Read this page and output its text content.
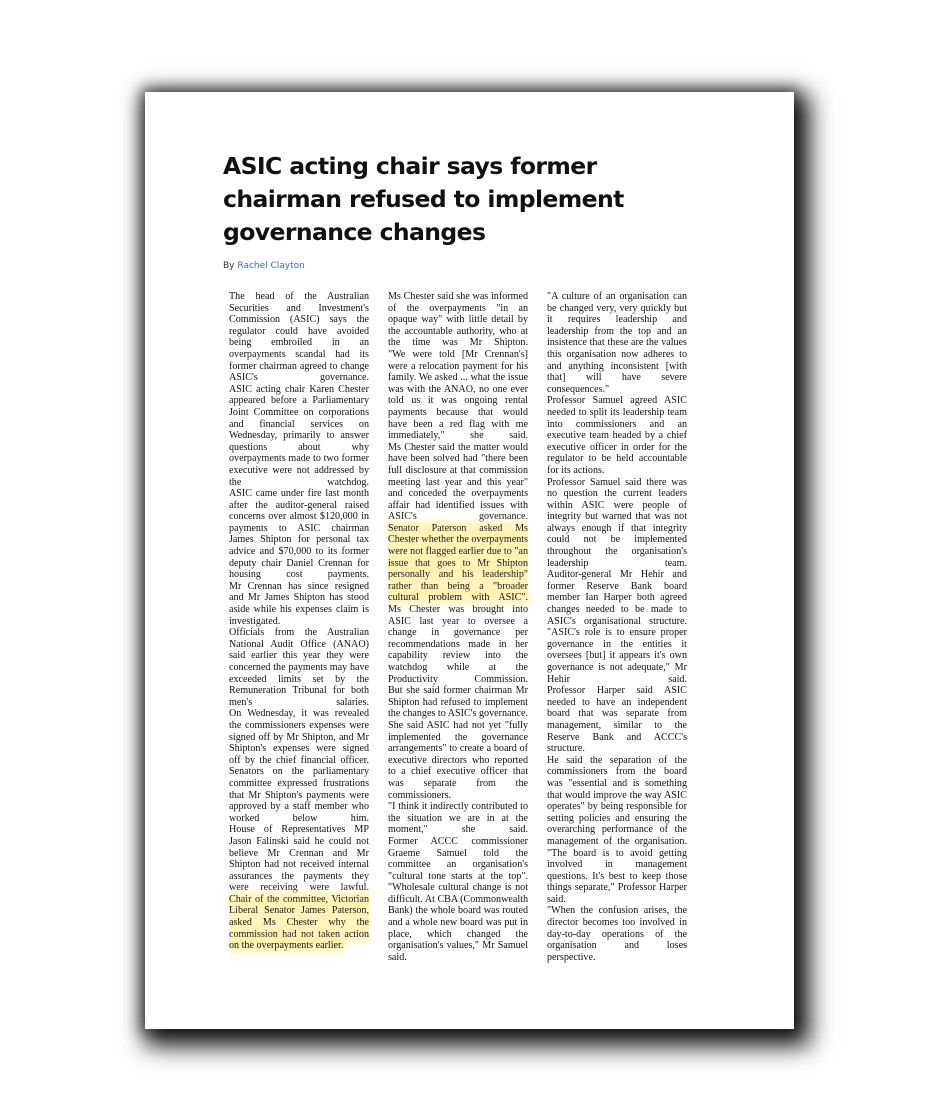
ASIC acting chair says former chairman refused to implement governance changes
By Rachel Clayton

The head of the Australian Securities and Investment's Commission (ASIC) says the regulator could have avoided being embroiled in an overpayments scandal had its former chairman agreed to change ASIC's governance.

ASIC acting chair Karen Chester appeared before a Parliamentary Joint Committee on corporations and financial services on Wednesday, primarily to answer questions about why overpayments made to two former executive were not addressed by the watchdog.

ASIC came under fire last month after the auditor-general raised concerns over almost $120,000 in payments to ASIC chairman James Shipton for personal tax advice and $70,000 to its former deputy chair Daniel Crennan for housing cost payments.

Mr Crennan has since resigned and Mr James Shipton has stood aside while his expenses claim is investigated.

Officials from the Australian National Audit Office (ANAO) said earlier this year they were concerned the payments may have exceeded limits set by the Remuneration Tribunal for both men's salaries.

On Wednesday, it was revealed the commissioners expenses were signed off by Mr Shipton, and Mr Shipton's expenses were signed off by the chief financial officer.

Senators on the parliamentary committee expressed frustrations that Mr Shipton's payments were approved by a staff member who worked below him.

House of Representatives MP Jason Falinski said he could not believe Mr Crennan and Mr Shipton had not received internal assurances the payments they were receiving were lawful.

Chair of the committee, Victorian Liberal Senator James Paterson, asked Ms Chester why the commission had not taken action on the overpayments earlier.

Ms Chester said she was informed of the overpayments "in an opaque way" with little detail by the accountable authority, who at the time was Mr Shipton.

"We were told [Mr Crennan's] were a relocation payment for his family. We asked ... what the issue was with the ANAO, no one ever told us it was ongoing rental payments because that would have been a red flag with me immediately," she said.

Ms Chester said the matter would have been solved had "there been full disclosure at that commission meeting last year and this year" and conceded the overpayments affair had identified issues with ASIC's governance.

Senator Paterson asked Ms Chester whether the overpayments were not flagged earlier due to "an issue that goes to Mr Shipton personally and his leadership" rather than being a "broader cultural problem with ASIC".

Ms Chester was brought into ASIC last year to oversee a change in governance per recommendations made in her capability review into the watchdog while at the Productivity Commission.

But she said former chairman Mr Shipton had refused to implement the changes to ASIC's governance.

She said ASIC had not yet "fully implemented the governance arrangements" to create a board of executive directors who reported to a chief executive officer that was separate from the commissioners.

"I think it indirectly contributed to the situation we are in at the moment," she said.

Former ACCC commissioner Graeme Samuel told the committee an organisation's "cultural tone starts at the top".

"Wholesale cultural change is not difficult. At CBA (Commonwealth Bank) the whole board was routed and a whole new board was put in place, which changed the organisation's values," Mr Samuel said.

"A culture of an organisation can be changed very, very quickly but it requires leadership and leadership from the top and an insistence that these are the values this organisation now adheres to and anything inconsistent [with that] will have severe consequences."

Professor Samuel agreed ASIC needed to split its leadership team into commissioners and an executive team headed by a chief executive officer in order for the regulator to be held accountable for its actions.

Professor Samuel said there was no question the current leaders within ASIC were people of integrity but warned that was not always enough if that integrity could not be implemented throughout the organisation's leadership team.

Auditor-general Mr Hehir and former Reserve Bank board member Ian Harper both agreed changes needed to be made to ASIC's organisational structure.

"ASIC's role is to ensure proper governance in the entities it oversees [but] it appears it's own governance is not adequate," Mr Hehir said.

Professor Harper said ASIC needed to have an independent board that was separate from management, similar to the Reserve Bank and ACCC's structure.

He said the separation of the commissioners from the board was "essential and is something that would improve the way ASIC operates" by being responsible for setting policies and ensuring the overarching performance of the management of the organisation.

"The board is to avoid getting involved in management questions. It's best to keep those things separate," Professor Harper said.

"When the confusion arises, the director becomes too involved in day-to-day operations of the organisation and loses perspective.
